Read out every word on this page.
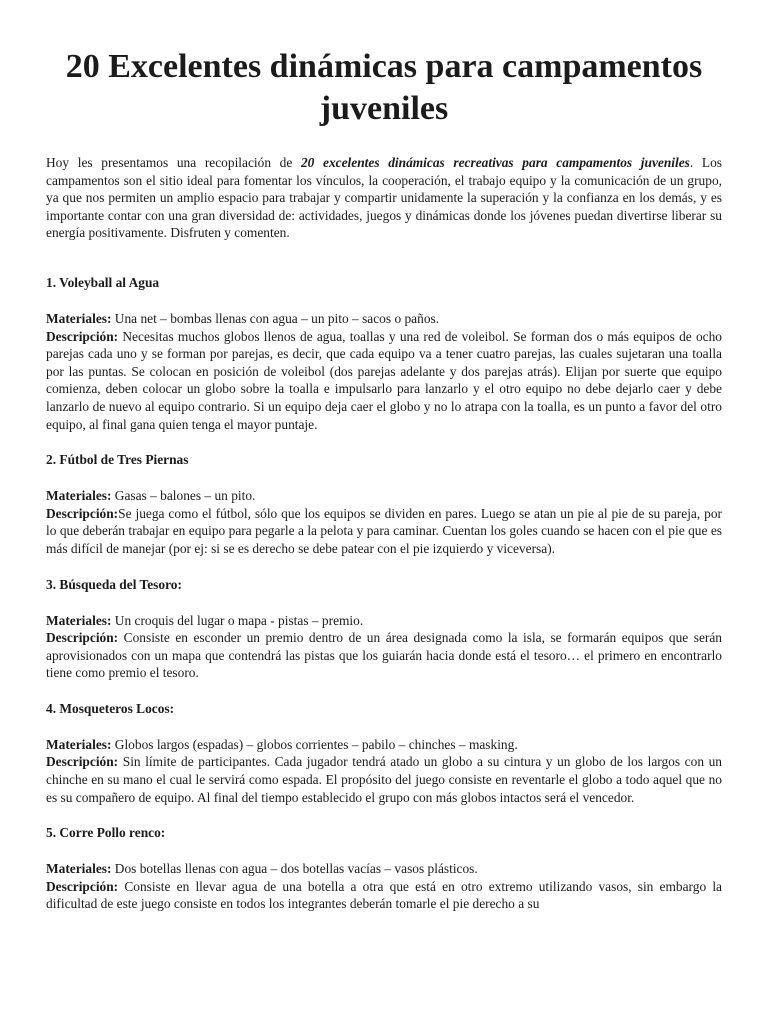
20 Excelentes dinámicas para campamentos juveniles

Hoy les presentamos una recopilación de 20 excelentes dinámicas recreativas para campamentos juveniles. Los campamentos son el sitio ideal para fomentar los vínculos, la cooperación, el trabajo equipo y la comunicación de un grupo, ya que nos permiten un amplio espacio para trabajar y compartir unidamente la superación y la confianza en los demás, y es importante contar con una gran diversidad de: actividades, juegos y dinámicas donde los jóvenes puedan divertirse liberar su energía positivamente. Disfruten y comenten.

1. Voleyball al Agua

Materiales: Una net – bombas llenas con agua – un pito – sacos o paños.

Descripción: Necesitas muchos globos llenos de agua, toallas y una red de voleibol. Se forman dos o más equipos de ocho parejas cada uno y se forman por parejas, es decir, que cada equipo va a tener cuatro parejas, las cuales sujetaran una toalla por las puntas. Se colocan en posición de voleibol (dos parejas adelante y dos parejas atrás). Elijan por suerte que equipo comienza, deben colocar un globo sobre la toalla e impulsarlo para lanzarlo y el otro equipo no debe dejarlo caer y debe lanzarlo de nuevo al equipo contrario. Si un equipo deja caer el globo y no lo atrapa con la toalla, es un punto a favor del otro equipo, al final gana quien tenga el mayor puntaje.

2. Fútbol de Tres Piernas

Materiales: Gasas – balones – un pito.

Descripción:Se juega como el fútbol, sólo que los equipos se dividen en pares. Luego se atan un pie al pie de su pareja, por lo que deberán trabajar en equipo para pegarle a la pelota y para caminar. Cuentan los goles cuando se hacen con el pie que es más difícil de manejar (por ej: si se es derecho se debe patear con el pie izquierdo y viceversa).

3. Búsqueda del Tesoro:

Materiales: Un croquis del lugar o mapa - pistas – premio.

Descripción: Consiste en esconder un premio dentro de un área designada como la isla, se formarán equipos que serán aprovisionados con un mapa que contendrá las pistas que los guiarán hacia donde está el tesoro… el primero en encontrarlo tiene como premio el tesoro.

4. Mosqueteros Locos:

Materiales: Globos largos (espadas) – globos corrientes – pabilo – chinches – masking.

Descripción: Sin límite de participantes. Cada jugador tendrá atado un globo a su cintura y un globo de los largos con un chinche en su mano el cual le servirá como espada. El propósito del juego consiste en reventarle el globo a todo aquel que no es su compañero de equipo. Al final del tiempo establecido el grupo con más globos intactos será el vencedor.

5. Corre Pollo renco:

Materiales: Dos botellas llenas con agua – dos botellas vacías – vasos plásticos.

Descripción: Consiste en llevar agua de una botella a otra que está en otro extremo utilizando vasos, sin embargo la dificultad de este juego consiste en todos los integrantes deberán tomarle el pie derecho a su
